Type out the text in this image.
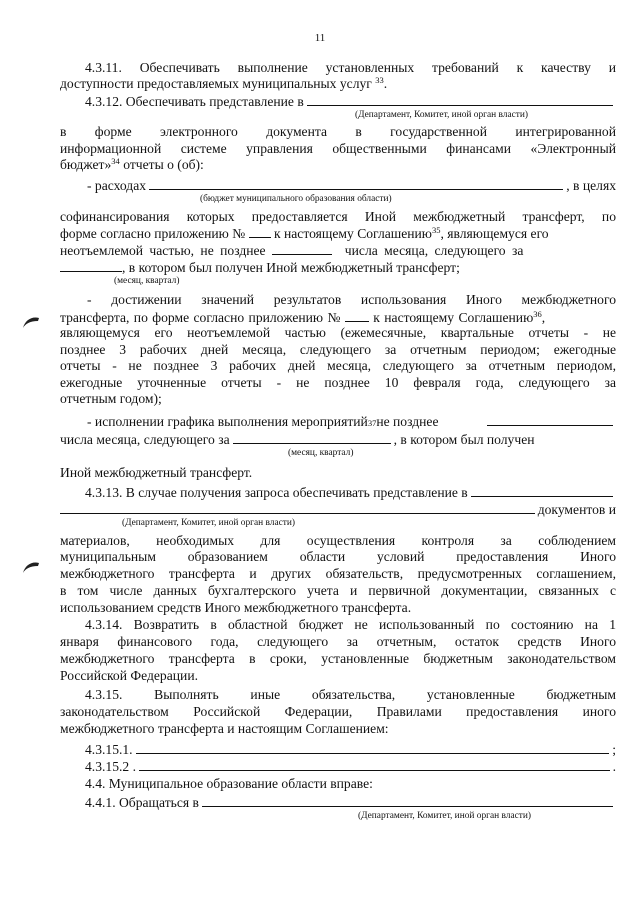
11
4.3.11. Обеспечивать выполнение установленных требований к качеству и
доступности предоставляемых муниципальных услуг $^{33}$.
4.3.12. Обеспечивать представление в
(Департамент, Комитет, иной орган власти)
в форме электронного документа в государственной интегрированной
информационной системе управления общественными финансами «Электронный
бюджет»$^{34}$ отчеты о (об):
- расходах	, в целях
(бюджет муниципального образования области)
софинансирования которых предоставляется Иной межбюджетный трансферт, по
форме согласно приложению № к настоящему Соглашению$^{35}$, являющемуся его
неотъемлемой частью, не позднее	числа месяца, следующего за
, в котором был получен Иной межбюджетный трансферт;
(месяц, квартал)
- достижении значений результатов использования Иного межбюджетного
трансферта, по форме согласно приложению № к настоящему Соглашению$^{36}$,
являющемуся его неотъемлемой частью (ежемесячные, квартальные отчеты - не
позднее 3 рабочих дней месяца, следующего за отчетным периодом; ежегодные
отчеты - не позднее 3 рабочих дней месяца, следующего за отчетным периодом,
ежегодные уточненные отчеты - не позднее 10 февраля года, следующего за
отчетным годом);
- исполнении графика выполнения мероприятий 37 не позднее
числа месяца, следующего за	, в котором был получен
(месяц, квартал)
Иной межбюджетный трансферт.
4.3.13. В случае получения запроса обеспечивать представление в
документов и
(Департамент, Комитет, иной орган власти)
материалов, необходимых для осуществления контроля за соблюдением
муниципальным образованием области условий предоставления Иного
межбюджетного трансферта и других обязательств, предусмотренных соглашением,
в том числе данных бухгалтерского учета и первичной документации, связанных с
использованием средств Иного межбюджетного трансферта.
4.3.14. Возвратить в областной бюджет не использованный по состоянию на 1
января финансового года, следующего за отчетным, остаток средств Иного
межбюджетного трансферта в сроки, установленные бюджетным законодательством
Российской Федерации.
4.3.15. Выполнять иные обязательства, установленные бюджетным
законодательством Российской Федерации, Правилами предоставления иного
межбюджетного трансферта и настоящим Соглашением:
4.3.15.1.	;
4.3.15.2 .	.
4.4. Муниципальное образование области вправе:
4.4.1. Обращаться в
(Департамент, Комитет, иной орган власти)
